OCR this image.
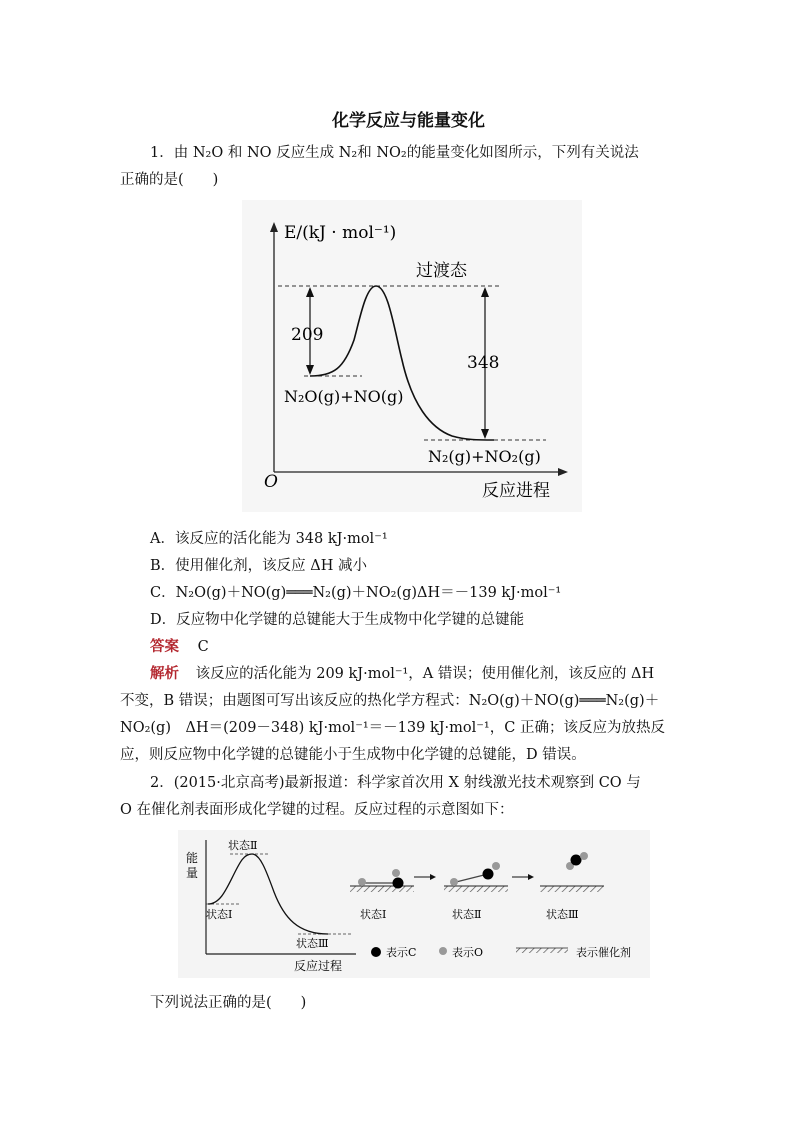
化学反应与能量变化
1．由 N₂O 和 NO 反应生成 N₂和 NO₂的能量变化如图所示，下列有关说法
正确的是(　　)
E/(kJ · mol⁻¹)
O	反应进程
过渡态
209
348
N₂O(g)+NO(g)
N₂(g)+NO₂(g)
A．该反应的活化能为 348 kJ·mol⁻¹
B．使用催化剂，该反应 ΔH 减小
C．N₂O(g)＋NO(g)═══N₂(g)＋NO₂(g)ΔH＝－139 kJ·mol⁻¹
D．反应物中化学键的总键能大于生成物中化学键的总键能
答案 C
解析 该反应的活化能为 209 kJ·mol⁻¹，A 错误；使用催化剂，该反应的 ΔH
不变，B 错误；由题图可写出该反应的热化学方程式：N₂O(g)＋NO(g)═══N₂(g)＋
NO₂(g)　ΔH＝(209－348) kJ·mol⁻¹＝－139 kJ·mol⁻¹，C 正确；该反应为放热反
应，则反应物中化学键的总键能小于生成物中化学键的总键能，D 错误。
2．(2015·北京高考)最新报道：科学家首次用 X 射线激光技术观察到 CO 与
O 在催化剂表面形成化学键的过程。反应过程的示意图如下：
能
量
反应过程
状态Ⅱ
状态Ⅰ
状态Ⅲ
状态Ⅰ	状态Ⅱ	状态Ⅲ
表示C	表示O	表示催化剂
下列说法正确的是(　　)
